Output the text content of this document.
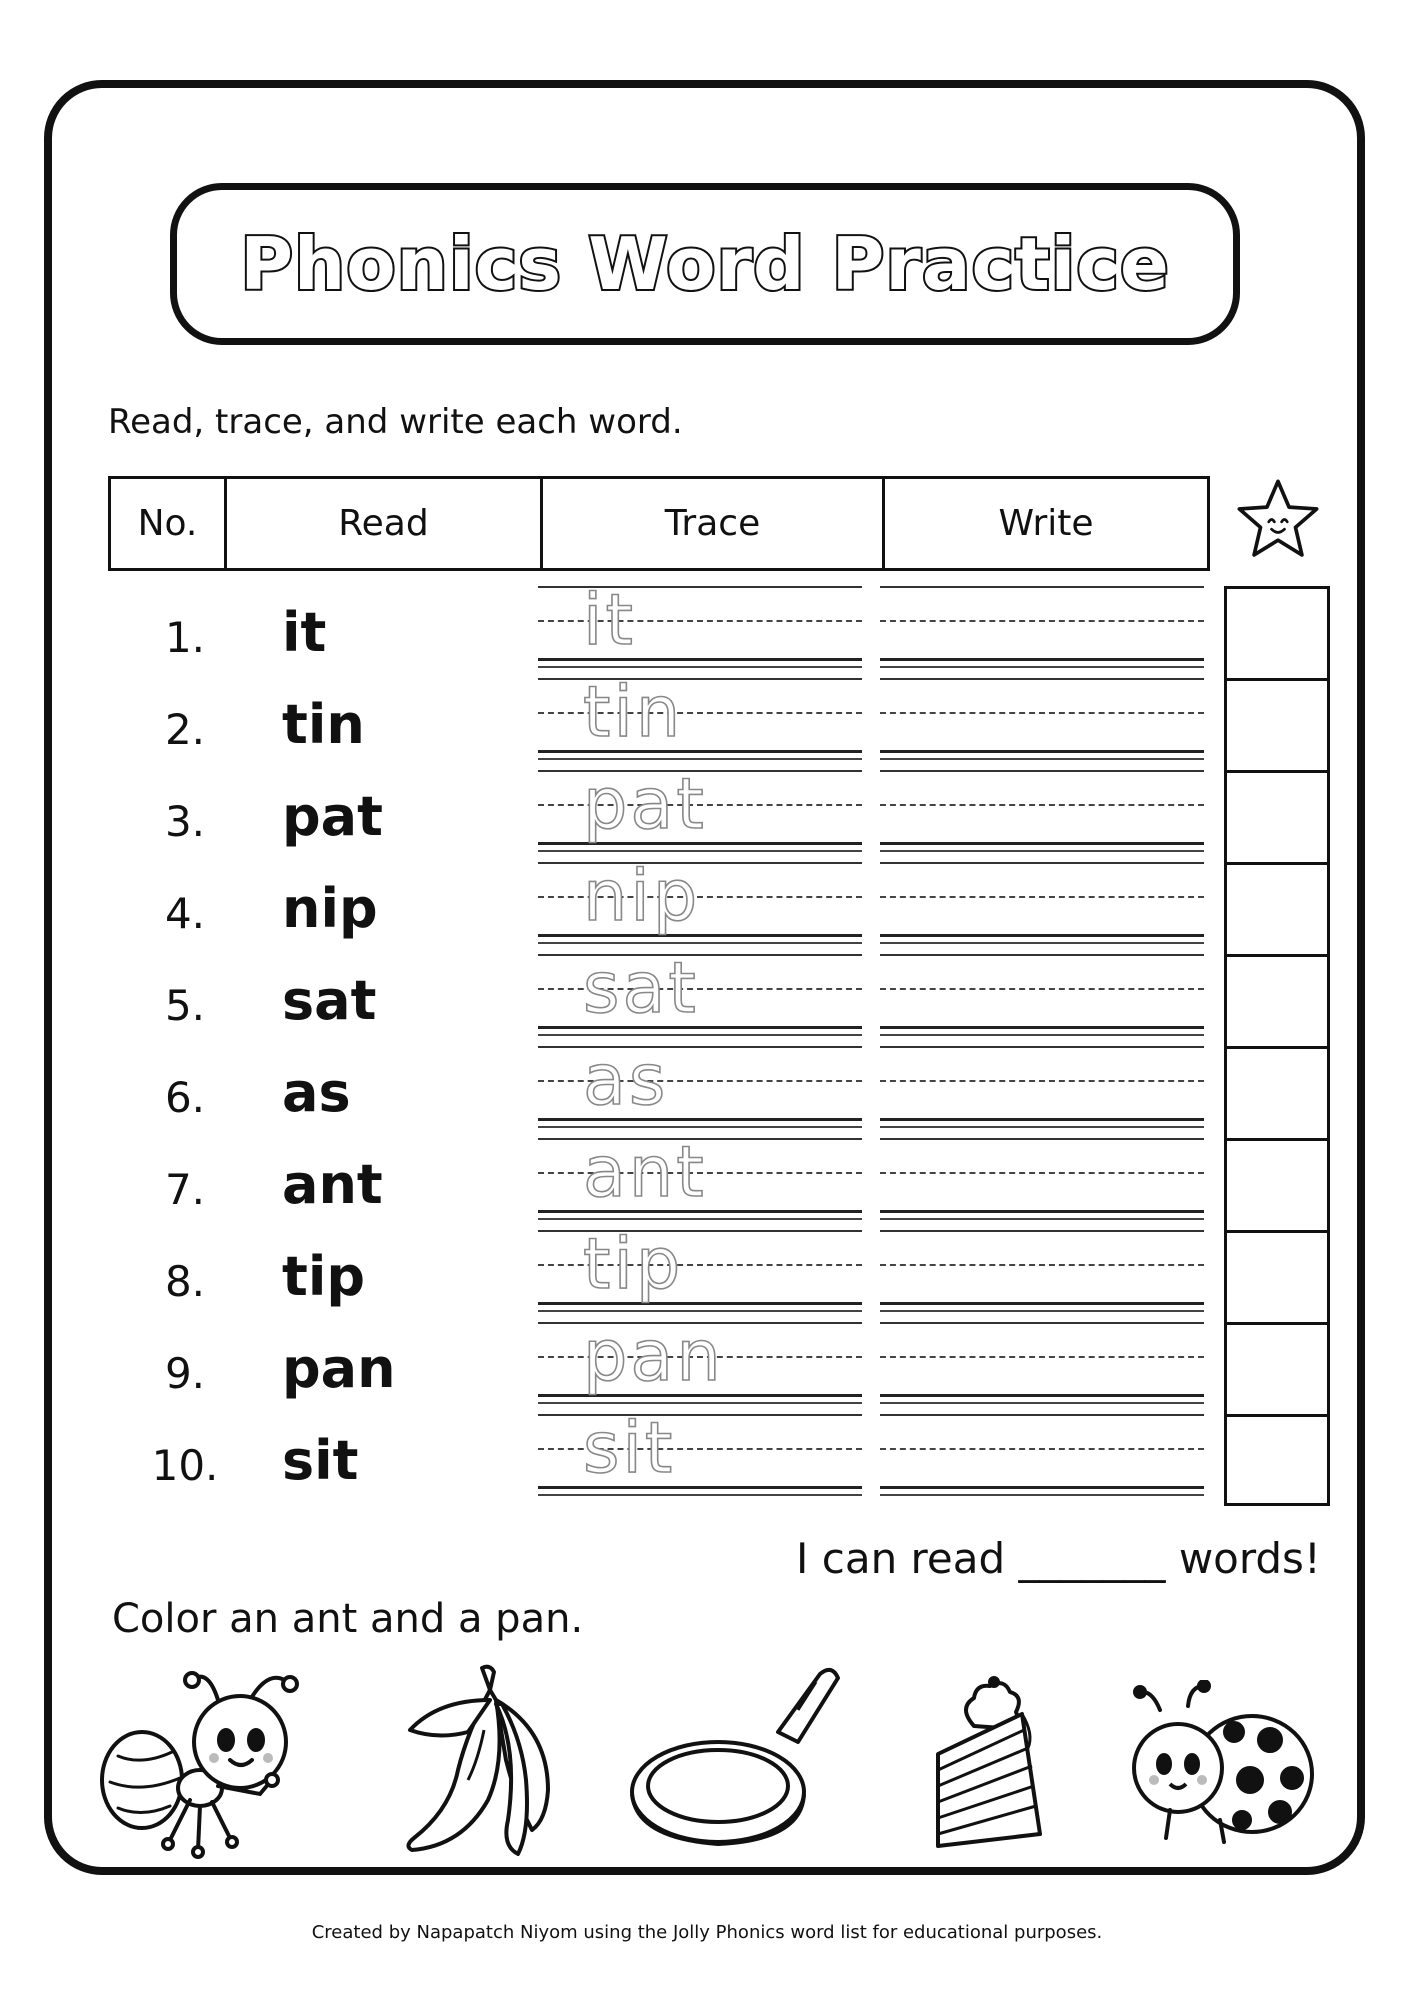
Phonics Word Practice
Read, trace, and write each word.
No.	Read	Trace	Write
1.	it	it
2.	tin	tin
3.	pat	pat
4.	nip	nip
5.	sat	sat
6.	as	as
7.	ant	ant
8.	tip	tip
9.	pan	pan
10. sit	sit
I can read _______ words!
Color an ant and a pan.
Created by Napapatch Niyom using the Jolly Phonics word list for educational purposes.
